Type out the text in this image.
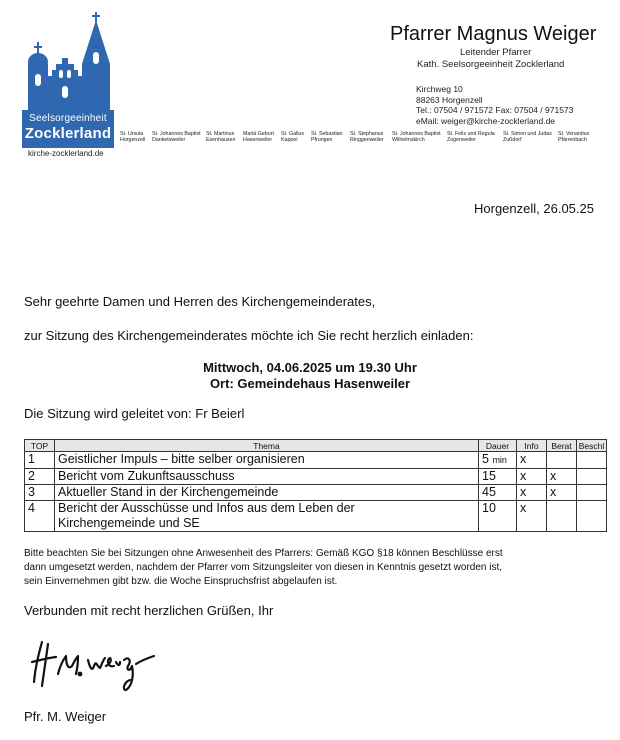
Seelsorgeeinheit
Zocklerland
kirche-zocklerland.de
St. Ursula
Horgenzell
St. Johannes Baptist
Danketsweiler
St. Martinus
Esenhausen
Mariä Geburt
Hasenweiler
St. Gallus
Kappel
St. Sebastian
Pfrungen
St. Stephanus
Ringgenweiler
St. Johannes Baptist
Wilhelmskirch
St. Felix und Regula
Zogenweiler
St. Simon und Judas
Zußdorf
St. Venantius
Pfärrenbach
Pfarrer Magnus Weiger
Leitender Pfarrer
Kath. Seelsorgeeinheit Zocklerland
Kirchweg 10
88263 Horgenzell
Tel.: 07504 / 971572 Fax: 07504 / 971573
eMail: weiger@kirche-zocklerland.de
Horgenzell, 26.05.25
Sehr geehrte Damen und Herren des Kirchengemeinderates,
zur Sitzung des Kirchengemeinderates möchte ich Sie recht herzlich einladen:
Mittwoch, 04.06.2025 um 19.30 Uhr
Ort: Gemeindehaus Hasenweiler
Die Sitzung wird geleitet von: Fr Beierl
TOP	Thema	Dauer	Info	Berat	Beschl
1	Geistlicher Impuls – bitte selber organisieren	5 min	x		
2	Bericht vom Zukunftsausschuss	15	x	x	
3	Aktueller Stand in der Kirchengemeinde	45	x	x	
4	Bericht der Ausschüsse und Infos aus dem Leben der
Kirchengemeinde und SE	10	x		
Bitte beachten Sie bei Sitzungen ohne Anwesenheit des Pfarrers: Gemäß KGO §18 können Beschlüsse erst
dann umgesetzt werden, nachdem der Pfarrer vom Sitzungsleiter von diesen in Kenntnis gesetzt worden ist,
sein Einvernehmen gibt bzw. die Woche Einspruchsfrist abgelaufen ist.
Verbunden mit recht herzlichen Grüßen, Ihr
Pfr. M. Weiger
